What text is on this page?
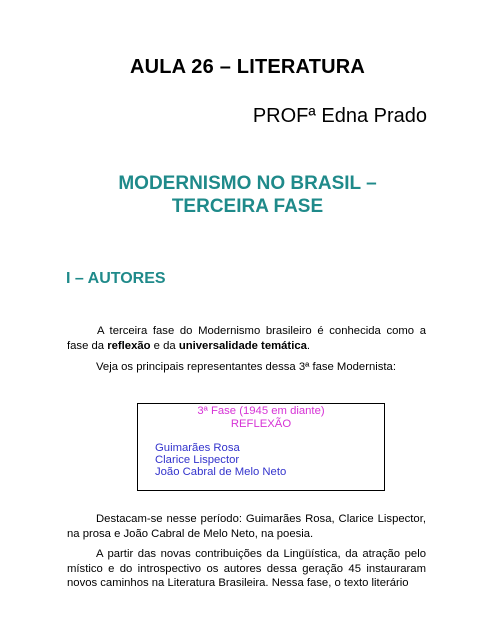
AULA 26 – LITERATURA
PROFª Edna Prado
MODERNISMO NO BRASIL –
TERCEIRA FASE
I – AUTORES
A terceira fase do Modernismo brasileiro é conhecida como a fase da reflexão e da universalidade temática.
Veja os principais representantes dessa 3ª fase Modernista:
3ª Fase (1945 em diante)
REFLEXÃO
Guimarães Rosa
Clarice Lispector
João Cabral de Melo Neto
Destacam-se nesse período: Guimarães Rosa, Clarice Lispector, na prosa e João Cabral de Melo Neto, na poesia.
A partir das novas contribuições da Lingüística, da atração pelo místico e do introspectivo os autores dessa geração 45 instauraram novos caminhos na Literatura Brasileira. Nessa fase, o texto literário
